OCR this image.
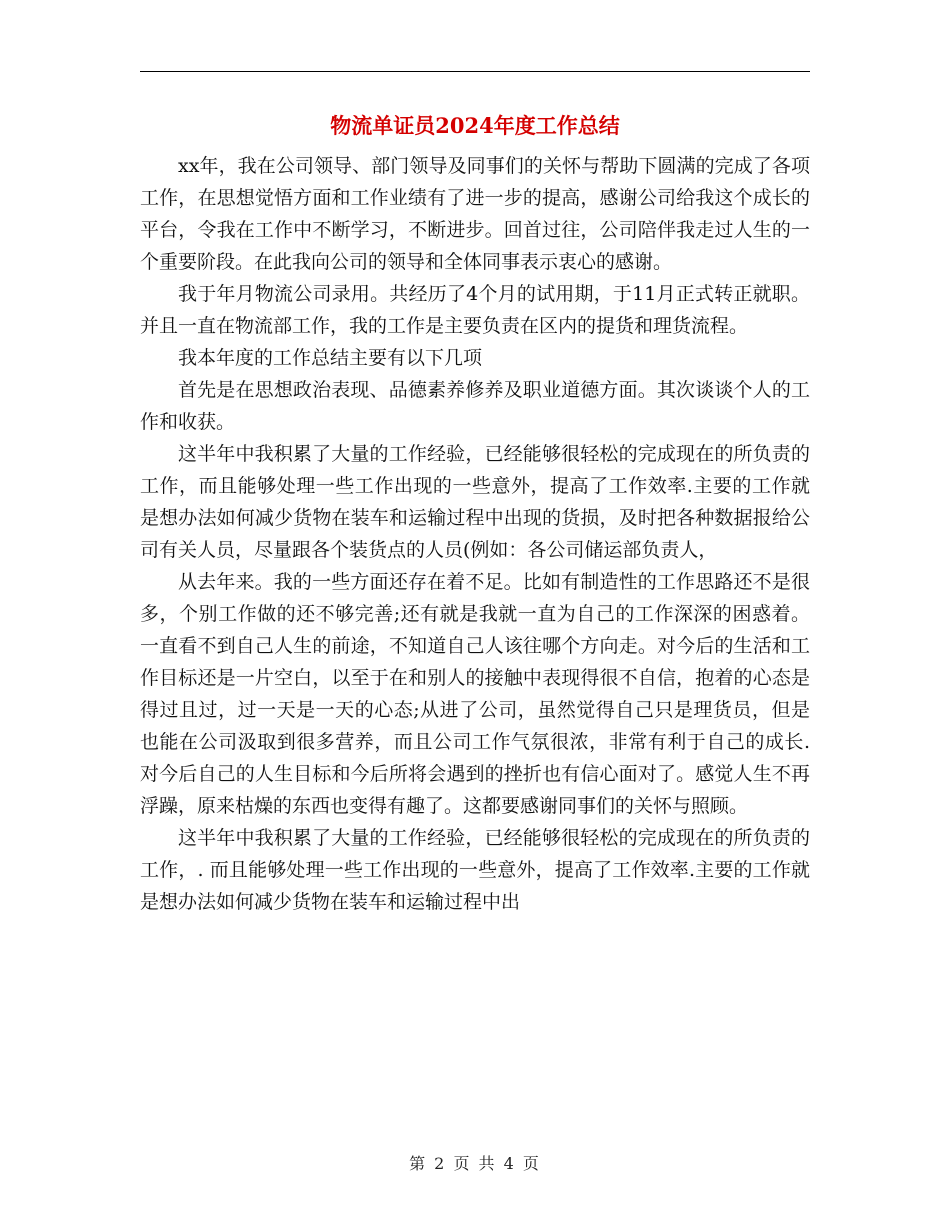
物流单证员2024年度工作总结

xx年，我在公司领导、部门领导及同事们的关怀与帮助下圆满的完成了各项工作，在思想觉悟方面和工作业绩有了进一步的提高，感谢公司给我这个成长的平台，令我在工作中不断学习，不断进步。回首过往，公司陪伴我走过人生的一个重要阶段。在此我向公司的领导和全体同事表示衷心的感谢。

我于年月物流公司录用。共经历了4个月的试用期，于11月正式转正就职。并且一直在物流部工作，我的工作是主要负责在区内的提货和理货流程。

我本年度的工作总结主要有以下几项

首先是在思想政治表现、品德素养修养及职业道德方面。其次谈谈个人的工作和收获。

这半年中我积累了大量的工作经验，已经能够很轻松的完成现在的所负责的工作，而且能够处理一些工作出现的一些意外，提高了工作效率.主要的工作就是想办法如何减少货物在装车和运输过程中出现的货损，及时把各种数据报给公司有关人员，尽量跟各个装货点的人员(例如：各公司储运部负责人，

从去年来。我的一些方面还存在着不足。比如有制造性的工作思路还不是很多，个别工作做的还不够完善;还有就是我就一直为自己的工作深深的困惑着。一直看不到自己人生的前途，不知道自己人该往哪个方向走。对今后的生活和工作目标还是一片空白，以至于在和别人的接触中表现得很不自信，抱着的心态是得过且过，过一天是一天的心态;从进了公司，虽然觉得自己只是理货员，但是也能在公司汲取到很多营养，而且公司工作气氛很浓，非常有利于自己的成长.对今后自己的人生目标和今后所将会遇到的挫折也有信心面对了。感觉人生不再浮躁，原来枯燥的东西也变得有趣了。这都要感谢同事们的关怀与照顾。

这半年中我积累了大量的工作经验，已经能够很轻松的完成现在的所负责的工作，. 而且能够处理一些工作出现的一些意外，提高了工作效率.主要的工作就是想办法如何减少货物在装车和运输过程中出

第 2 页 共 4 页
